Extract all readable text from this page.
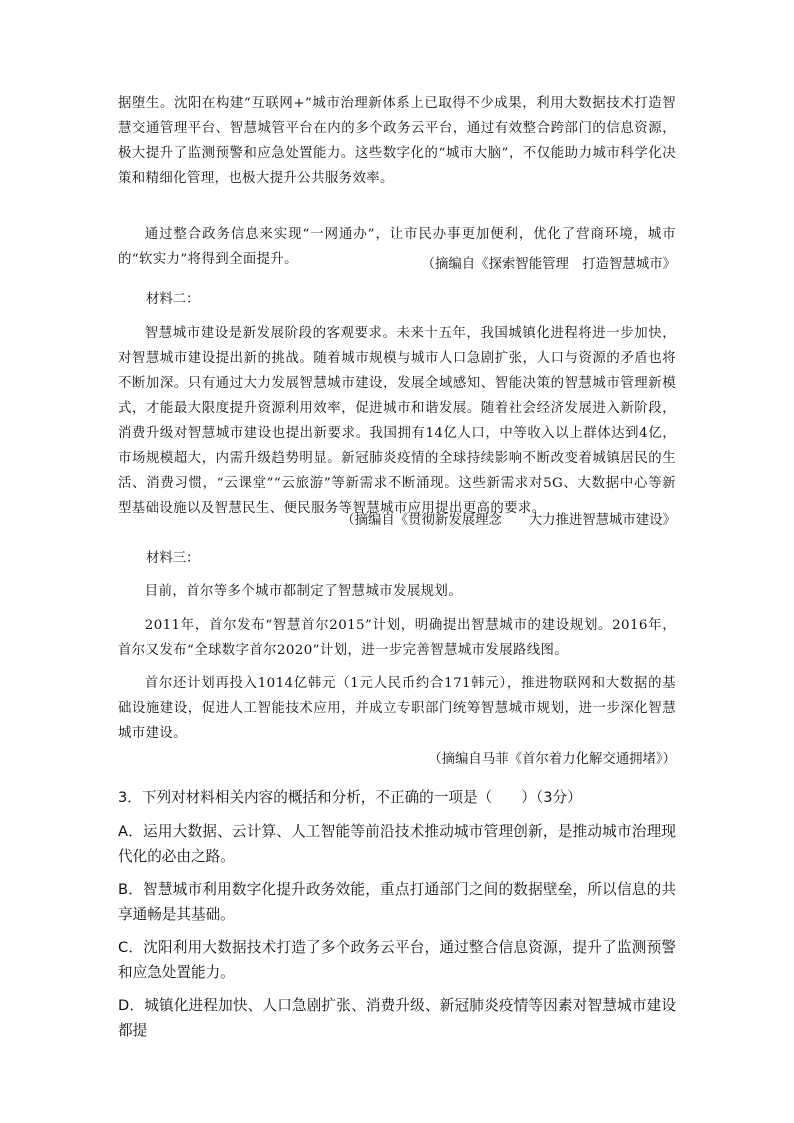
据堕生。沈阳在构建“互联网+”城市治理新体系上已取得不少成果，利用大数据技术打造智慧交通管理平台、智慧城管平台在内的多个政务云平台，通过有效整合跨部门的信息资源，极大提升了监测预警和应急处置能力。这些数字化的“城市大脑”，不仅能助力城市科学化决策和精细化管理，也极大提升公共服务效率。

通过整合政务信息来实现“一网通办”，让市民办事更加便利，优化了营商环境，城市的“软实力”将得到全面提升。	（摘编自《探索智能管理　打造智慧城市》
材料二：

智慧城市建设是新发展阶段的客观要求。未来十五年，我国城镇化进程将进一步加快，对智慧城市建设提出新的挑战。随着城市规模与城市人口急剧扩张，人口与资源的矛盾也将不断加深。只有通过大力发展智慧城市建设，发展全域感知、智能决策的智慧城市管理新模式，才能最大限度提升资源利用效率，促进城市和谐发展。随着社会经济发展进入新阶段，消费升级对智慧城市建设也提出新要求。我国拥有14亿人口，中等收入以上群体达到4亿，市场规模超大，内需升级趋势明显。新冠肺炎疫情的全球持续影响不断改变着城镇居民的生活、消费习惯，“云课堂”“云旅游”等新需求不断涌现。这些新需求对5G、大数据中心等新型基础设施以及智慧民生、便民服务等智慧城市应用提出更高的要求。

（摘编自《贯彻新发展理念　　大力推进智慧城市建设》
材料三：

目前，首尔等多个城市都制定了智慧城市发展规划。

2011年，首尔发布“智慧首尔2015”计划，明确提出智慧城市的建设规划。2016年，首尔又发布“全球数字首尔2020”计划，进一步完善智慧城市发展路线图。

首尔还计划再投入1014亿韩元（1元人民币约合171韩元），推进物联网和大数据的基础设施建设，促进人工智能技术应用，并成立专职部门统筹智慧城市规划，进一步深化智慧城市建设。

（摘编自马菲《首尔着力化解交通拥堵》）

3．下列对材料相关内容的概括和分析，不正确的一项是（　　）（3分）

A．运用大数据、云计算、人工智能等前沿技术推动城市管理创新，是推动城市治理现代化的必由之路。

B．智慧城市利用数字化提升政务效能，重点打通部门之间的数据壁垒，所以信息的共享通畅是其基础。

C．沈阳利用大数据技术打造了多个政务云平台，通过整合信息资源，提升了监测预警和应急处置能力。

D．城镇化进程加快、人口急剧扩张、消费升级、新冠肺炎疫情等因素对智慧城市建设都提
